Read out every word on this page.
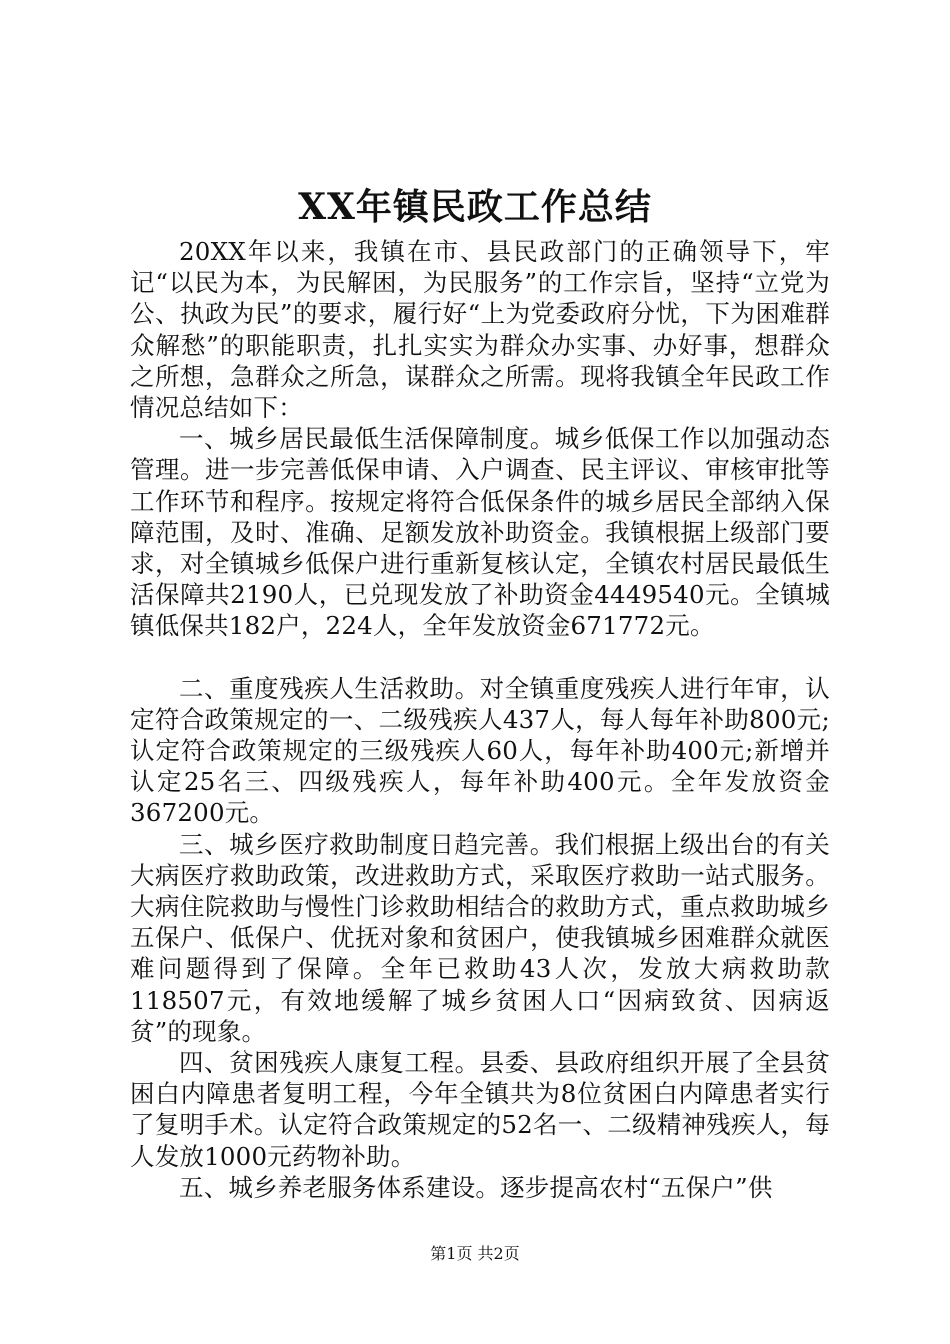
XX年镇民政工作总结

20XX年以来，我镇在市、县民政部门的正确领导下，牢记“以民为本，为民解困，为民服务”的工作宗旨，坚持“立党为公、执政为民”的要求，履行好“上为党委政府分忧，下为困难群众解愁”的职能职责，扎扎实实为群众办实事、办好事，想群众之所想，急群众之所急，谋群众之所需。现将我镇全年民政工作情况总结如下：

一、城乡居民最低生活保障制度。城乡低保工作以加强动态管理。进一步完善低保申请、入户调查、民主评议、审核审批等工作环节和程序。按规定将符合低保条件的城乡居民全部纳入保障范围，及时、准确、足额发放补助资金。我镇根据上级部门要求，对全镇城乡低保户进行重新复核认定，全镇农村居民最低生活保障共2190人，已兑现发放了补助资金4449540元。全镇城镇低保共182户，224人，全年发放资金671772元。

二、重度残疾人生活救助。对全镇重度残疾人进行年审，认定符合政策规定的一、二级残疾人437人，每人每年补助800元;认定符合政策规定的三级残疾人60人，每年补助400元;新增并认定25名三、四级残疾人，每年补助400元。全年发放资金367200元。

三、城乡医疗救助制度日趋完善。我们根据上级出台的有关大病医疗救助政策，改进救助方式，采取医疗救助一站式服务。大病住院救助与慢性门诊救助相结合的救助方式，重点救助城乡五保户、低保户、优抚对象和贫困户，使我镇城乡困难群众就医难问题得到了保障。全年已救助43人次，发放大病救助款118507元，有效地缓解了城乡贫困人口“因病致贫、因病返贫”的现象。

四、贫困残疾人康复工程。县委、县政府组织开展了全县贫困白内障患者复明工程，今年全镇共为8位贫困白内障患者实行了复明手术。认定符合政策规定的52名一、二级精神残疾人，每人发放1000元药物补助。

五、城乡养老服务体系建设。逐步提高农村“五保户”供

第1页 共2页
